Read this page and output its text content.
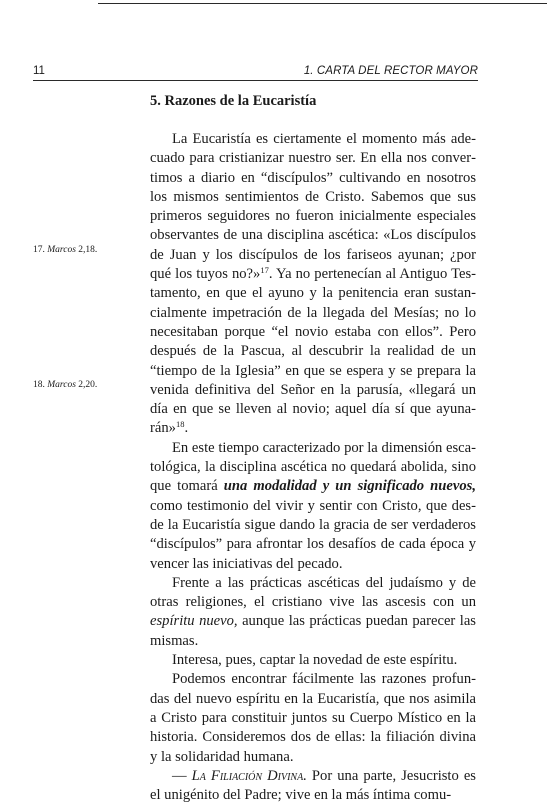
11	1. CARTA DEL RECTOR MAYOR
5. Razones de la Eucaristía
17. Marcos 2,18.
18. Marcos 2,20.

La Eucaristía es ciertamente el momento más adecuado para cristianizar nuestro ser. En ella nos convertimos a diario en “discípulos” cultivando en nosotros los mismos sentimientos de Cristo. Sabemos que sus primeros seguidores no fueron inicialmente especiales observantes de una disciplina ascética: «Los discípulos de Juan y los discípulos de los fariseos ayunan; ¿por qué los tuyos no?»$^{17}$. Ya no pertenecían al Antiguo Testamento, en que el ayuno y la penitencia eran sustancialmente impetración de la llegada del Mesías; no lo necesitaban porque “el novio estaba con ellos”. Pero después de la Pascua, al descubrir la realidad de un “tiempo de la Iglesia” en que se espera y se prepara la venida definitiva del Señor en la parusía, «llegará un día en que se lleven al novio; aquel día sí que ayunarán»$^{18}$.

En este tiempo caracterizado por la dimensión escatológica, la disciplina ascética no quedará abolida, sino que tomará una modalidad y un significado nuevos, como testimonio del vivir y sentir con Cristo, que desde la Eucaristía sigue dando la gracia de ser verdaderos “discípulos” para afrontar los desafíos de cada época y vencer las iniciativas del pecado.

Frente a las prácticas ascéticas del judaísmo y de otras religiones, el cristiano vive las ascesis con un espíritu nuevo, aunque las prácticas puedan parecer las mismas.

Interesa, pues, captar la novedad de este espíritu.

Podemos encontrar fácilmente las razones profundas del nuevo espíritu en la Eucaristía, que nos asimila a Cristo para constituir juntos su Cuerpo Místico en la historia. Consideremos dos de ellas: la filiación divina y la solidaridad humana.

— La Filiación Divina. Por una parte, Jesucristo es el unigénito del Padre; vive en la más íntima comu-
